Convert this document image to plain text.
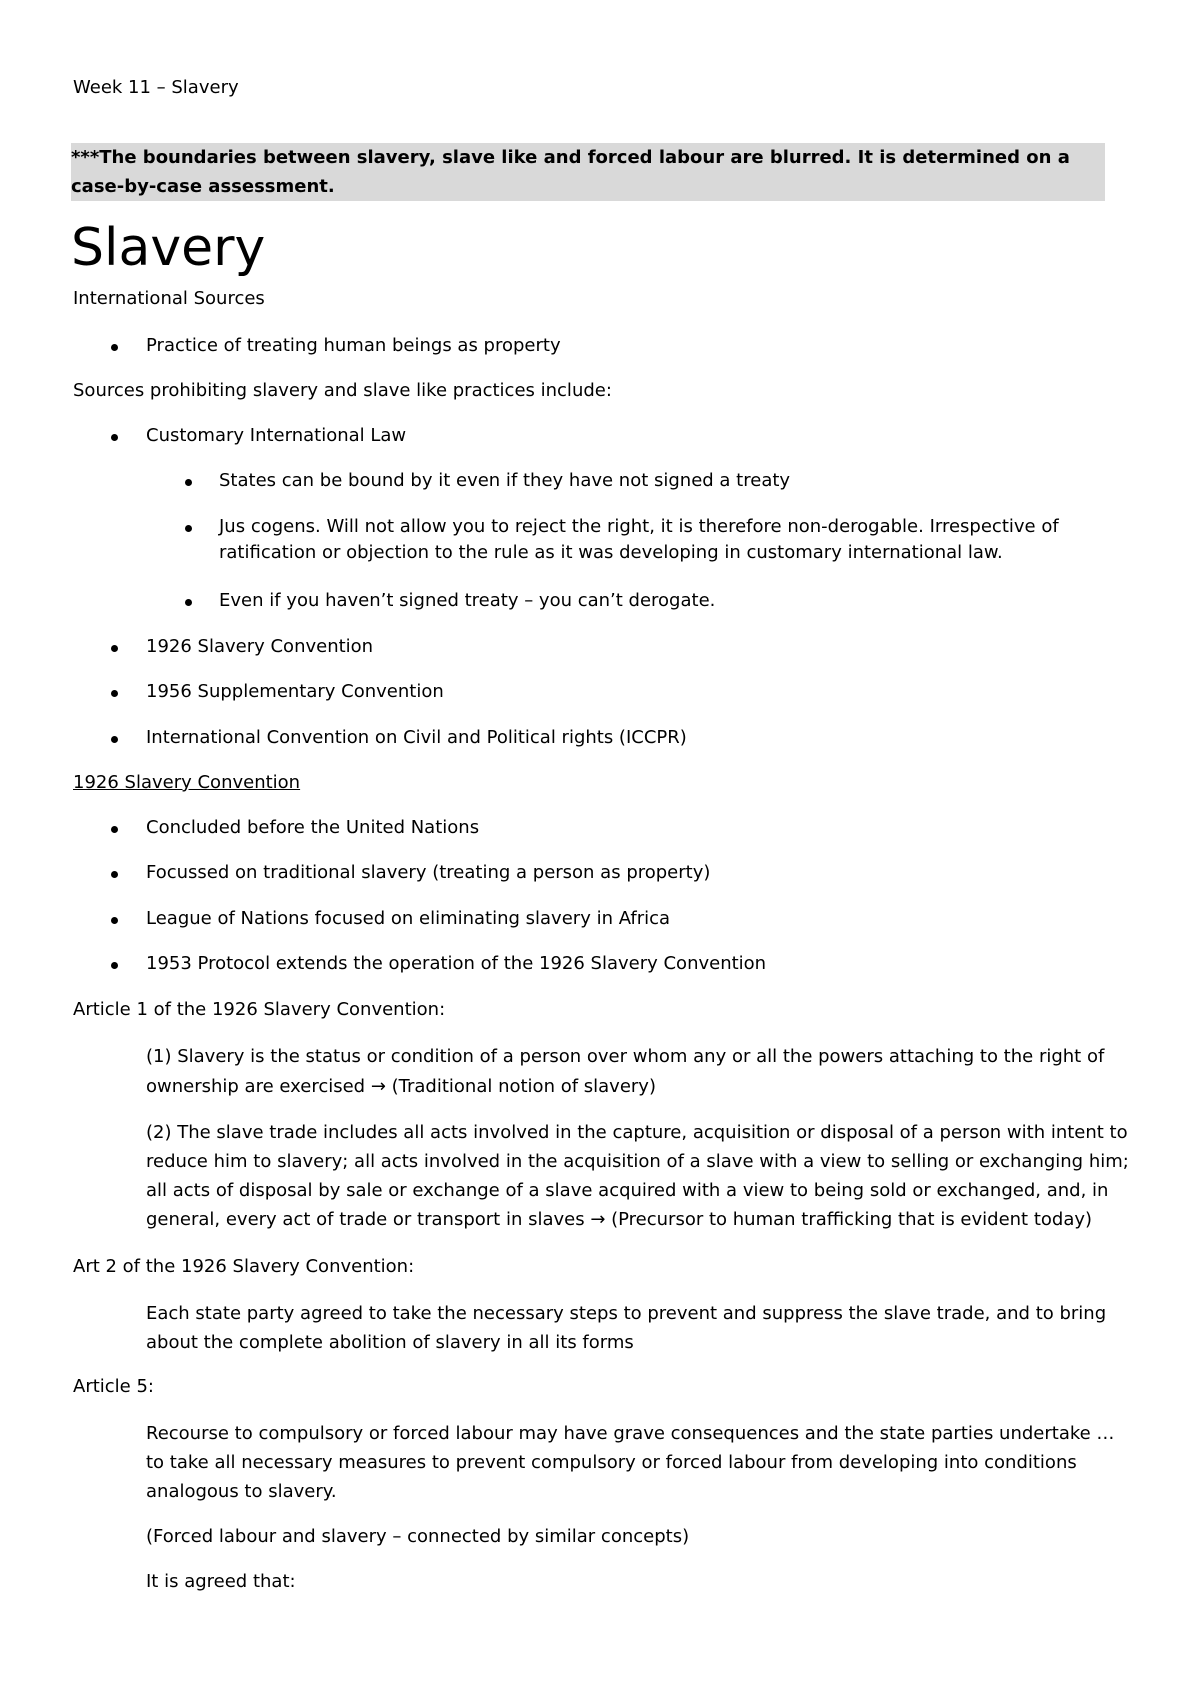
Week 11 – Slavery
***The boundaries between slavery, slave like and forced labour are blurred. It is determined on a case-by-case assessment.
Slavery
International Sources
Practice of treating human beings as property
Sources prohibiting slavery and slave like practices include:
Customary International Law
States can be bound by it even if they have not signed a treaty
Jus cogens. Will not allow you to reject the right, it is therefore non-derogable. Irrespective of ratification or objection to the rule as it was developing in customary international law.
Even if you haven’t signed treaty – you can’t derogate.
1926 Slavery Convention
1956 Supplementary Convention
International Convention on Civil and Political rights (ICCPR)
1926 Slavery Convention
Concluded before the United Nations
Focussed on traditional slavery (treating a person as property)
League of Nations focused on eliminating slavery in Africa
1953 Protocol extends the operation of the 1926 Slavery Convention
Article 1 of the 1926 Slavery Convention:
(1) Slavery is the status or condition of a person over whom any or all the powers attaching to the right of ownership are exercised → (Traditional notion of slavery)
(2) The slave trade includes all acts involved in the capture, acquisition or disposal of a person with intent to reduce him to slavery; all acts involved in the acquisition of a slave with a view to selling or exchanging him; all acts of disposal by sale or exchange of a slave acquired with a view to being sold or exchanged, and, in general, every act of trade or transport in slaves → (Precursor to human trafficking that is evident today)
Art 2 of the 1926 Slavery Convention:
Each state party agreed to take the necessary steps to prevent and suppress the slave trade, and to bring about the complete abolition of slavery in all its forms
Article 5:
Recourse to compulsory or forced labour may have grave consequences and the state parties undertake … to take all necessary measures to prevent compulsory or forced labour from developing into conditions analogous to slavery.
(Forced labour and slavery – connected by similar concepts)
It is agreed that:
